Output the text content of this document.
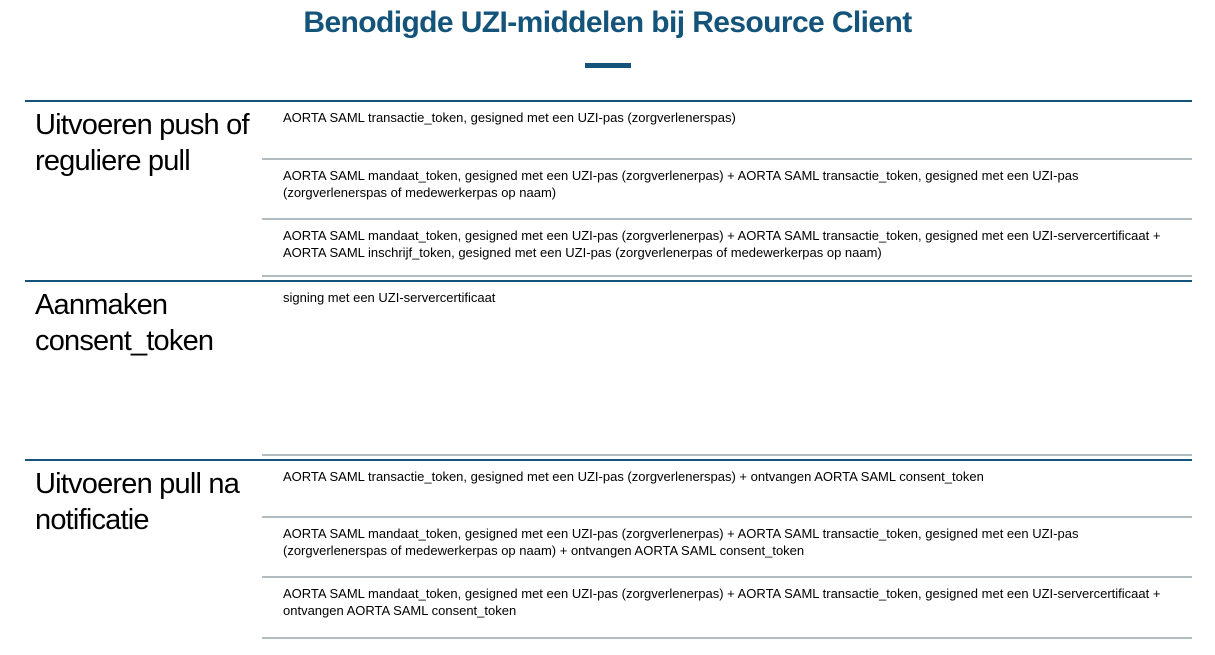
Benodigde UZI-middelen bij Resource Client
Uitvoeren push of reguliere pull
AORTA SAML transactie_token, gesigned met een UZI-pas (zorgverlenerspas)
AORTA SAML mandaat_token, gesigned met een UZI-pas (zorgverlenerpas) + AORTA SAML transactie_token, gesigned met een UZI-pas (zorgverlenerspas of medewerkerpas op naam)
AORTA SAML mandaat_token, gesigned met een UZI-pas (zorgverlenerpas) + AORTA SAML transactie_token, gesigned met een UZI-servercertificaat + AORTA SAML inschrijf_token, gesigned met een UZI-pas (zorgverlenerpas of medewerkerpas op naam)
Aanmaken consent_token
signing met een UZI-servercertificaat
Uitvoeren pull na notificatie
AORTA SAML transactie_token, gesigned met een UZI-pas (zorgverlenerspas) + ontvangen AORTA SAML consent_token
AORTA SAML mandaat_token, gesigned met een UZI-pas (zorgverlenerpas) + AORTA SAML transactie_token, gesigned met een UZI-pas (zorgverlenerspas of medewerkerpas op naam) + ontvangen AORTA SAML consent_token
AORTA SAML mandaat_token, gesigned met een UZI-pas (zorgverlenerpas) + AORTA SAML transactie_token, gesigned met een UZI-servercertificaat + ontvangen AORTA SAML consent_token
